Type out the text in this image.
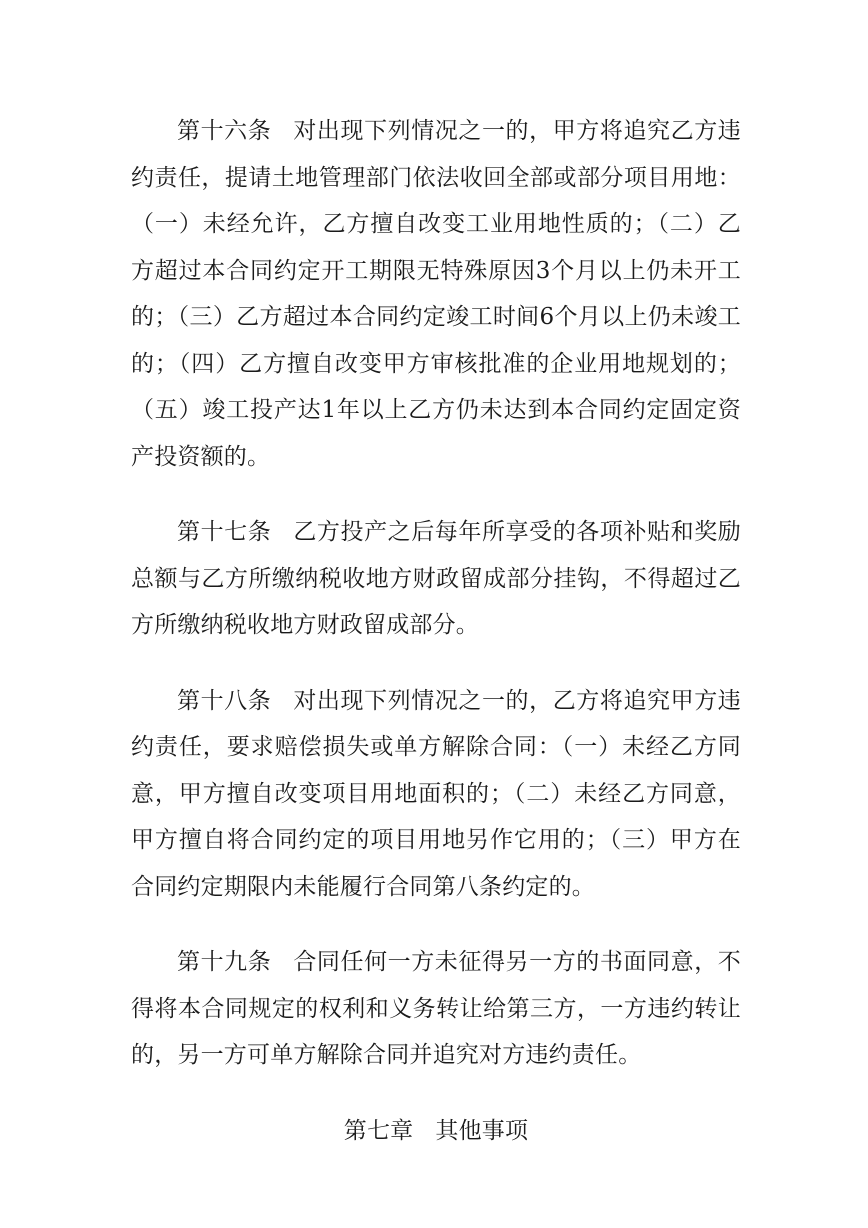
第十六条 对出现下列情况之一的，甲方将追究乙方违约责任，提请土地管理部门依法收回全部或部分项目用地：（一）未经允许，乙方擅自改变工业用地性质的；（二）乙方超过本合同约定开工期限无特殊原因3个月以上仍未开工的；（三）乙方超过本合同约定竣工时间6个月以上仍未竣工的；（四）乙方擅自改变甲方审核批准的企业用地规划的；（五）竣工投产达1年以上乙方仍未达到本合同约定固定资产投资额的。

第十七条 乙方投产之后每年所享受的各项补贴和奖励总额与乙方所缴纳税收地方财政留成部分挂钩，不得超过乙方所缴纳税收地方财政留成部分。

第十八条 对出现下列情况之一的，乙方将追究甲方违约责任，要求赔偿损失或单方解除合同：（一）未经乙方同意，甲方擅自改变项目用地面积的；（二）未经乙方同意，甲方擅自将合同约定的项目用地另作它用的；（三）甲方在合同约定期限内未能履行合同第八条约定的。

第十九条 合同任何一方未征得另一方的书面同意，不得将本合同规定的权利和义务转让给第三方，一方违约转让的，另一方可单方解除合同并追究对方违约责任。

第七章 其他事项
